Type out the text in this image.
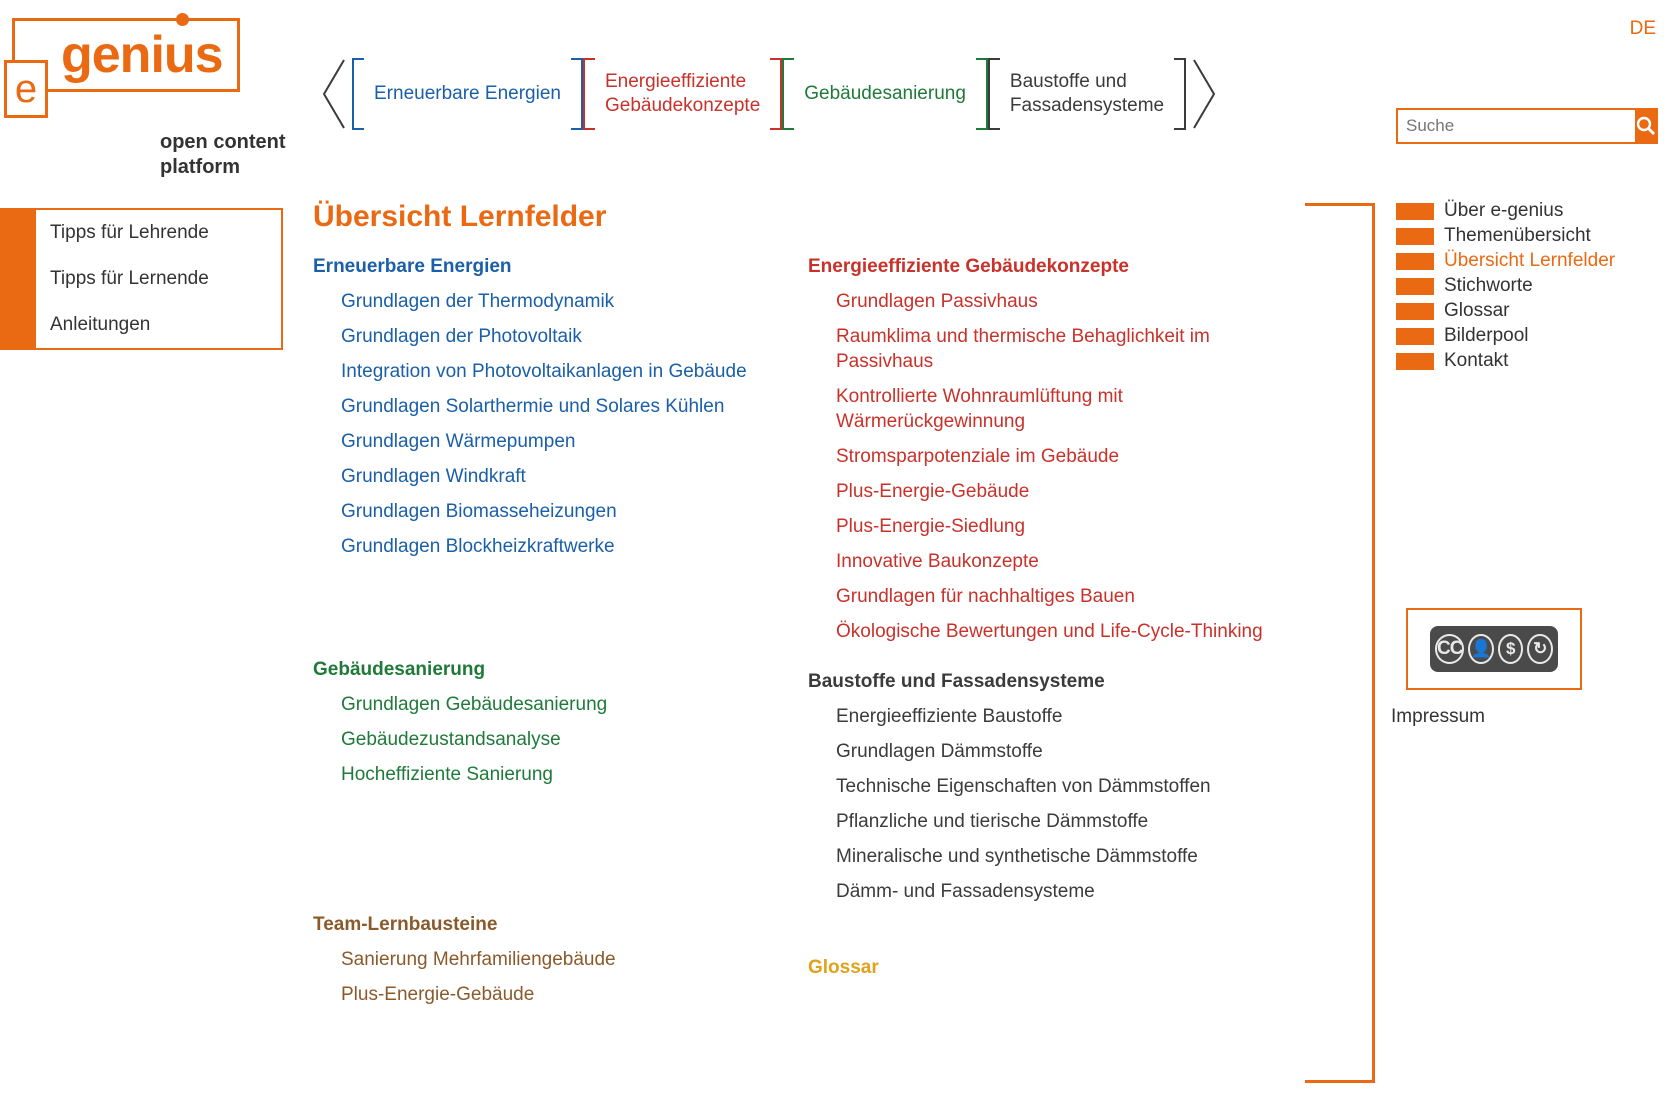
genius
e
open content
platform
DE
Erneuerbare Energien
Energieeffiziente
Gebäudekonzepte
Gebäudesanierung
Baustoffe und
Fassadensysteme
Suche
Tipps für Lehrende
Tipps für Lernende
Anleitungen
Übersicht Lernfelder
Erneuerbare Energien
Grundlagen der Thermodynamik
Grundlagen der Photovoltaik
Integration von Photovoltaikanlagen in Gebäude
Grundlagen Solarthermie und Solares Kühlen
Grundlagen Wärmepumpen
Grundlagen Windkraft
Grundlagen Biomasseheizungen
Grundlagen Blockheizkraftwerke
Gebäudesanierung
Grundlagen Gebäudesanierung
Gebäudezustandsanalyse
Hocheffiziente Sanierung
Team-Lernbausteine
Sanierung Mehrfamiliengebäude
Plus-Energie-Gebäude
Energieeffiziente Gebäudekonzepte
Grundlagen Passivhaus
Raumklima und thermische Behaglichkeit im Passivhaus
Kontrollierte Wohnraumlüftung mit Wärmerückgewinnung
Stromsparpotenziale im Gebäude
Plus-Energie-Gebäude
Plus-Energie-Siedlung
Innovative Baukonzepte
Grundlagen für nachhaltiges Bauen
Ökologische Bewertungen und Life-Cycle-Thinking
Baustoffe und Fassadensysteme
Energieeffiziente Baustoffe
Grundlagen Dämmstoffe
Technische Eigenschaften von Dämmstoffen
Pflanzliche und tierische Dämmstoffe
Mineralische und synthetische Dämmstoffe
Dämm- und Fassadensysteme
Glossar
Über e-genius
Themenübersicht
Übersicht Lernfelder
Stichworte
Glossar
Bilderpool
Kontakt
CC 👤 $	↻
Impressum
